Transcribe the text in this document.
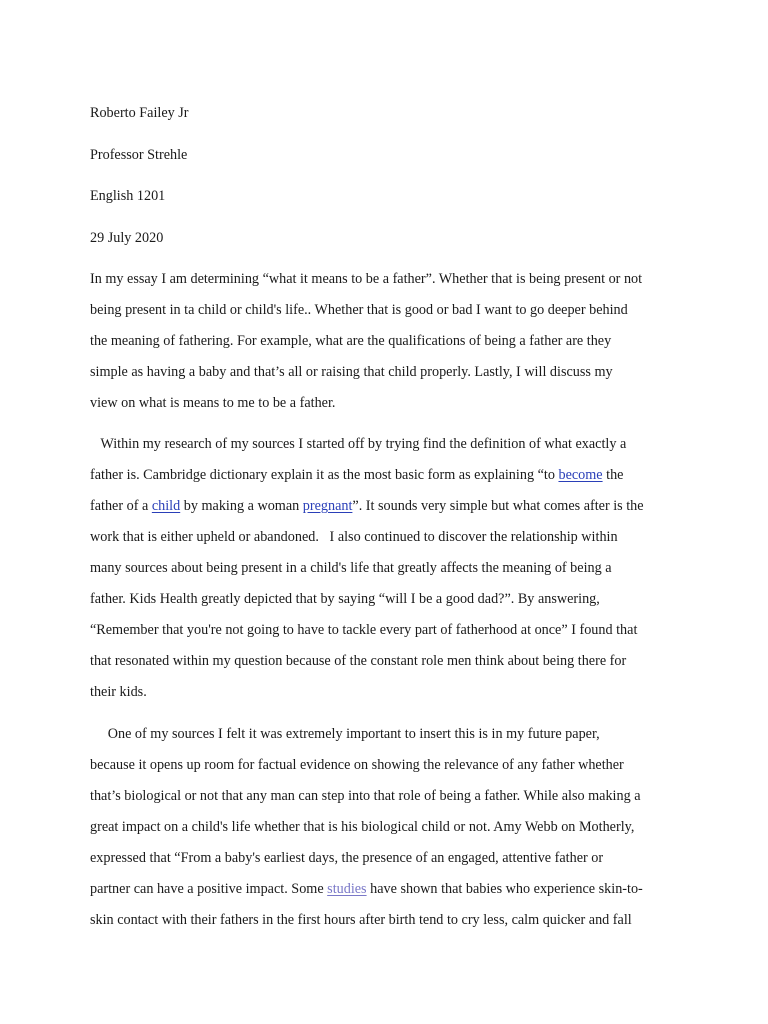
Roberto Failey Jr
Professor Strehle
English 1201
29 July 2020
In my essay I am determining “what it means to be a father”. Whether that is being present or not
being present in ta child or child's life.. Whether that is good or bad I want to go deeper behind
the meaning of fathering. For example, what are the qualifications of being a father are they
simple as having a baby and that’s all or raising that child properly. Lastly, I will discuss my
view on what is means to me to be a father.
Within my research of my sources I started off by trying find the definition of what exactly a
father is. Cambridge dictionary explain it as the most basic form as explaining “to become the
father of a child by making a woman pregnant”. It sounds very simple but what comes after is the
work that is either upheld or abandoned.   I also continued to discover the relationship within
many sources about being present in a child's life that greatly affects the meaning of being a
father. Kids Health greatly depicted that by saying “will I be a good dad?”. By answering,
“Remember that you're not going to have to tackle every part of fatherhood at once” I found that
that resonated within my question because of the constant role men think about being there for
their kids.
One of my sources I felt it was extremely important to insert this is in my future paper,
because it opens up room for factual evidence on showing the relevance of any father whether
that’s biological or not that any man can step into that role of being a father. While also making a
great impact on a child's life whether that is his biological child or not. Amy Webb on Motherly,
expressed that “From a baby's earliest days, the presence of an engaged, attentive father or
partner can have a positive impact. Some studies have shown that babies who experience skin-to-
skin contact with their fathers in the first hours after birth tend to cry less, calm quicker and fall
